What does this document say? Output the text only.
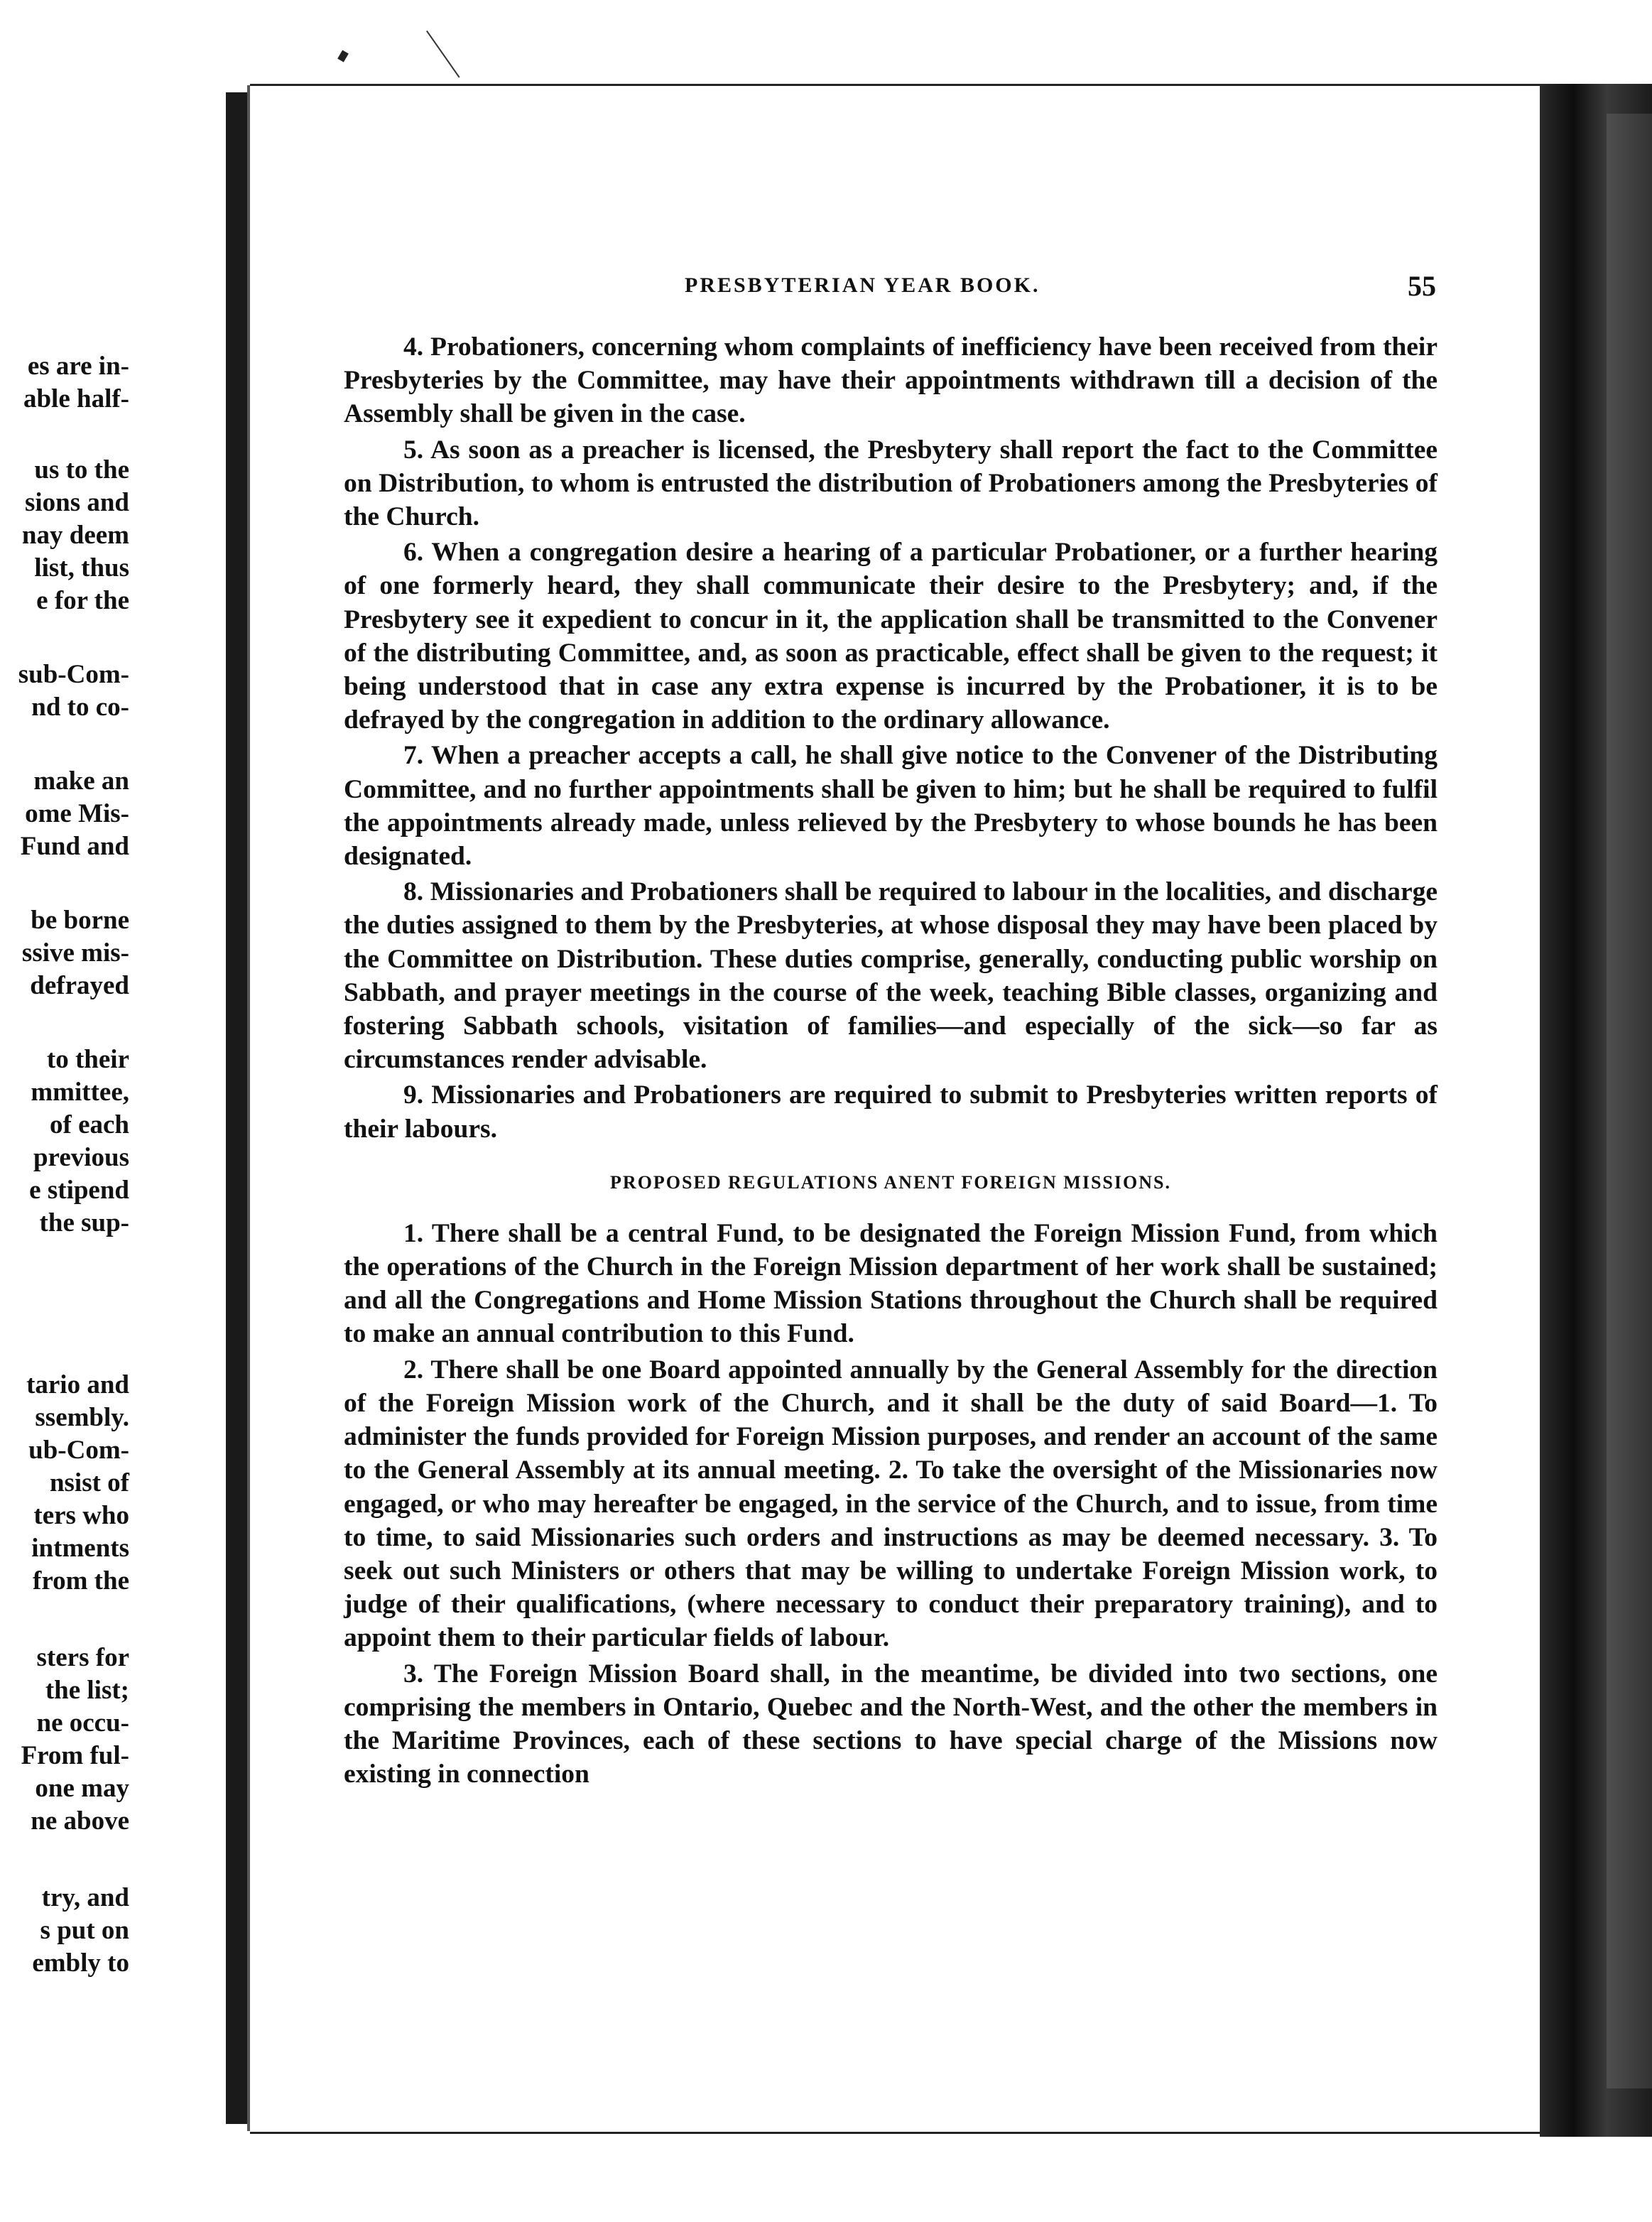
es are in-
able half-
us to the
sions and
nay deem
list, thus
e for the
sub-Com-
nd to co-
make an
ome Mis-
Fund and
be borne
ssive mis-
defrayed
to their
mmittee,
of each
previous
e stipend
the sup-
tario and
ssembly.
ub-Com-
nsist of
ters who
intments
from the
sters for
the list;
ne occu-
From ful-
one may
ne above
try, and
s put on
embly to
PRESBYTERIAN YEAR BOOK.	55

4. Probationers, concerning whom complaints of inefficiency have been received from their Presbyteries by the Committee, may have their appointments withdrawn till a decision of the Assembly shall be given in the case.

5. As soon as a preacher is licensed, the Presbytery shall report the fact to the Committee on Distribution, to whom is entrusted the distribution of Probationers among the Presbyteries of the Church.

6. When a congregation desire a hearing of a particular Probationer, or a further hearing of one formerly heard, they shall communicate their desire to the Presbytery; and, if the Presbytery see it expedient to concur in it, the application shall be transmitted to the Convener of the distributing Committee, and, as soon as practicable, effect shall be given to the request; it being understood that in case any extra expense is incurred by the Probationer, it is to be defrayed by the congregation in addition to the ordinary allowance.

7. When a preacher accepts a call, he shall give notice to the Convener of the Distributing Committee, and no further appointments shall be given to him; but he shall be required to fulfil the appointments already made, unless relieved by the Presbytery to whose bounds he has been designated.

8. Missionaries and Probationers shall be required to labour in the localities, and discharge the duties assigned to them by the Presbyteries, at whose disposal they may have been placed by the Committee on Distribution. These duties comprise, generally, conducting public worship on Sabbath, and prayer meetings in the course of the week, teaching Bible classes, organizing and fostering Sabbath schools, visitation of families—and especially of the sick—so far as circumstances render advisable.

9. Missionaries and Probationers are required to submit to Presbyteries written reports of their labours.

PROPOSED REGULATIONS ANENT FOREIGN MISSIONS.

1. There shall be a central Fund, to be designated the Foreign Mission Fund, from which the operations of the Church in the Foreign Mission department of her work shall be sustained; and all the Congregations and Home Mission Stations throughout the Church shall be required to make an annual contribution to this Fund.

2. There shall be one Board appointed annually by the General Assembly for the direction of the Foreign Mission work of the Church, and it shall be the duty of said Board—1. To administer the funds provided for Foreign Mission purposes, and render an account of the same to the General Assembly at its annual meeting. 2. To take the oversight of the Missionaries now engaged, or who may hereafter be engaged, in the service of the Church, and to issue, from time to time, to said Missionaries such orders and instructions as may be deemed necessary. 3. To seek out such Ministers or others that may be willing to undertake Foreign Mission work, to judge of their qualifications, (where necessary to conduct their preparatory training), and to appoint them to their particular fields of labour.

3. The Foreign Mission Board shall, in the meantime, be divided into two sections, one comprising the members in Ontario, Quebec and the North-West, and the other the members in the Maritime Provinces, each of these sections to have special charge of the Missions now existing in connection
